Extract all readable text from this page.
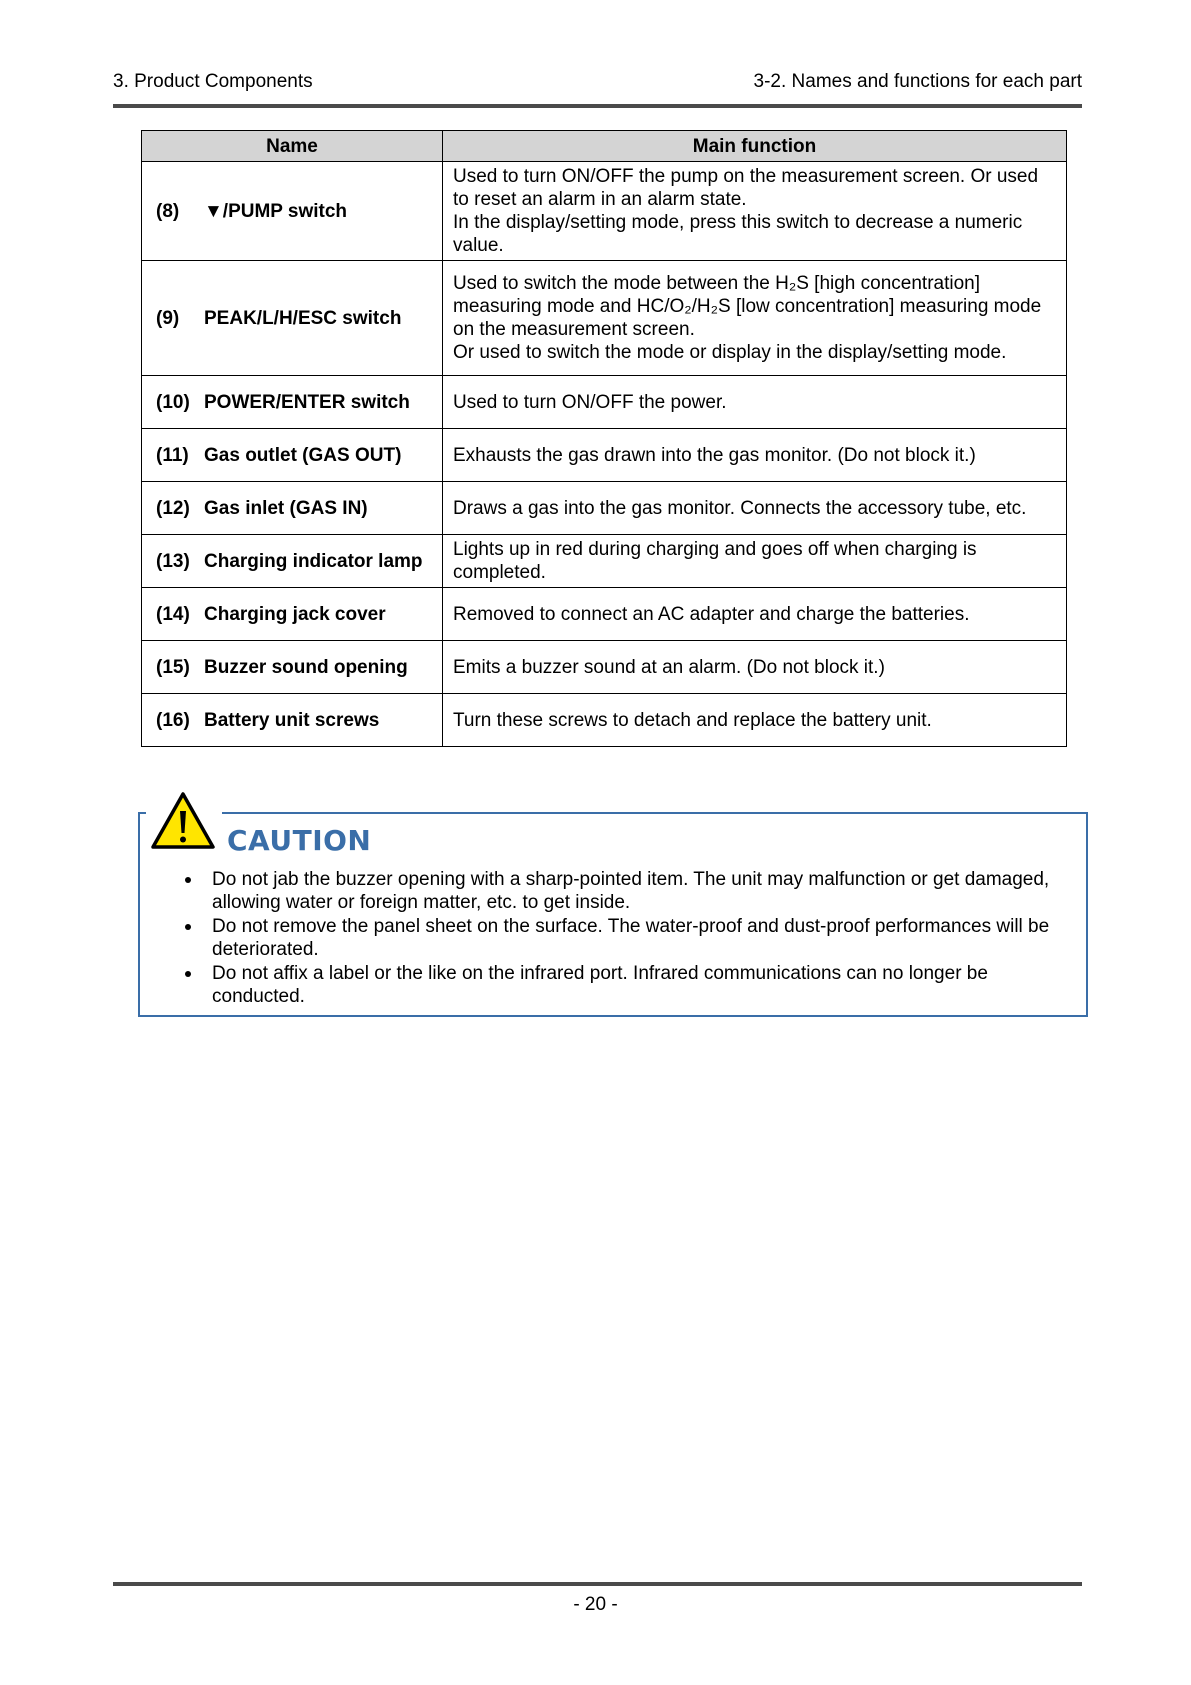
3. Product Components	3-2. Names and functions for each part
Name	Main function

(8) ▼/PUMP switch	Used to turn ON/OFF the pump on the measurement screen. Or used to reset an alarm in an alarm state.
In the display/setting mode, press this switch to decrease a numeric value.

(9) PEAK/L/H/ESC switch	Used to switch the mode between the H₂S [high concentration] measuring mode and HC/O₂/H₂S [low concentration] measuring mode on the measurement screen.
Or used to switch the mode or display in the display/setting mode.

(10) POWER/ENTER switch	Used to turn ON/OFF the power.

(11) Gas outlet (GAS OUT)	Exhausts the gas drawn into the gas monitor. (Do not block it.)

(12) Gas inlet (GAS IN)	Draws a gas into the gas monitor. Connects the accessory tube, etc.

(13) Charging indicator lamp	Lights up in red during charging and goes off when charging is completed.

(14) Charging jack cover	Removed to connect an AC adapter and charge the batteries.

(15) Buzzer sound opening	Emits a buzzer sound at an alarm. (Do not block it.)

(16) Battery unit screws	Turn these screws to detach and replace the battery unit.
CAUTION
Do not jab the buzzer opening with a sharp-pointed item. The unit may malfunction or get damaged, allowing water or foreign matter, etc. to get inside.
Do not remove the panel sheet on the surface. The water-proof and dust-proof performances will be deteriorated.
Do not affix a label or the like on the infrared port. Infrared communications can no longer be conducted.
- 20 -
